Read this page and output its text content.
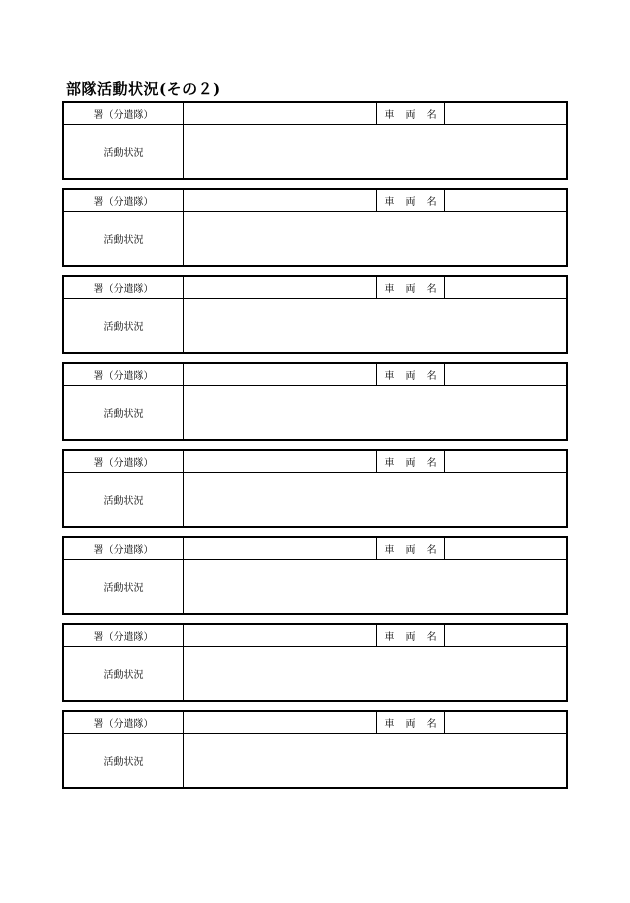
部隊活動状況(その２)
署（分遣隊）	車 両 名
活動状況
署（分遣隊）	車 両 名
活動状況
署（分遣隊）	車 両 名
活動状況
署（分遣隊）	車 両 名
活動状況
署（分遣隊）	車 両 名
活動状況
署（分遣隊）	車 両 名
活動状況
署（分遣隊）	車 両 名
活動状況
署（分遣隊）	車 両 名
活動状況
